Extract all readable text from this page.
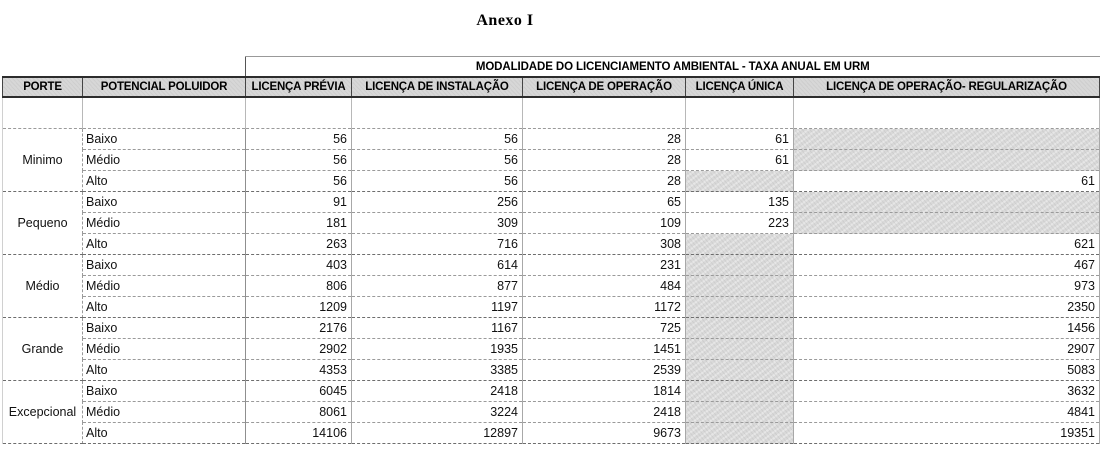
Anexo I
		MODALIDADE DO LICENCIAMENTO AMBIENTAL - TAXA ANUAL EM URM				
PORTE	POTENCIAL POLUIDOR	LICENÇA PRÉVIA	LICENÇA DE INSTALAÇÃO	LICENÇA DE OPERAÇÃO	LICENÇA ÚNICA	LICENÇA DE OPERAÇÃO- REGULARIZAÇÃO

Minimo	Baixo	56	56	28	61	
	Médio	56	56	28	61	
	Alto	56	56	28		61
Pequeno	Baixo	91	256	65	135	
	Médio	181	309	109	223	
	Alto	263	716	308		621
Médio	Baixo	403	614	231		467
	Médio	806	877	484		973
	Alto	1209	1197	1172		2350
Grande	Baixo	2176	1167	725		1456
	Médio	2902	1935	1451		2907
	Alto	4353	3385	2539		5083
Excepcional	Baixo	6045	2418	1814		3632
	Médio	8061	3224	2418		4841
	Alto	14106	12897	9673		19351
